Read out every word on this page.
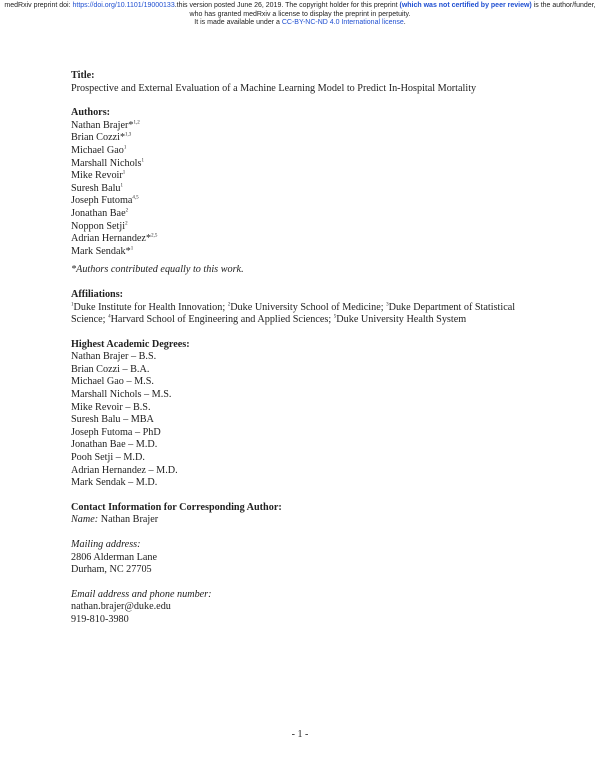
medRxiv preprint doi: https://doi.org/10.1101/19000133.this version posted June 26, 2019. The copyright holder for this preprint (which was not certified by peer review) is the author/funder, who has granted medRxiv a license to display the preprint in perpetuity.
It is made available under a CC-BY-NC-ND 4.0 International license.
Title:
Prospective and External Evaluation of a Machine Learning Model to Predict In-Hospital Mortality
Authors:
Nathan Brajer*$^{1,2}$
Brian Cozzi*$^{1,3}$
Michael Gao$^1$
Marshall Nichols$^1$
Mike Revoir$^1$
Suresh Balu$^1$
Joseph Futoma$^{4,5}$
Jonathan Bae$^2$
Noppon Setji$^2$
Adrian Hernandez*$^{2,5}$
Mark Sendak*$^1$
*Authors contributed equally to this work.
Affiliations:
$^1$Duke Institute for Health Innovation; $^2$Duke University School of Medicine; $^3$Duke Department of Statistical Science; $^4$Harvard School of Engineering and Applied Sciences; $^5$Duke University Health System
Highest Academic Degrees:
Nathan Brajer – B.S.
Brian Cozzi – B.A.
Michael Gao – M.S.
Marshall Nichols – M.S.
Mike Revoir – B.S.
Suresh Balu – MBA
Joseph Futoma – PhD
Jonathan Bae – M.D.
Pooh Setji – M.D.
Adrian Hernandez – M.D.
Mark Sendak – M.D.
Contact Information for Corresponding Author:
Name: Nathan Brajer
Mailing address:
2806 Alderman Lane
Durham, NC 27705
Email address and phone number:
nathan.brajer@duke.edu
919-810-3980
- 1 -
